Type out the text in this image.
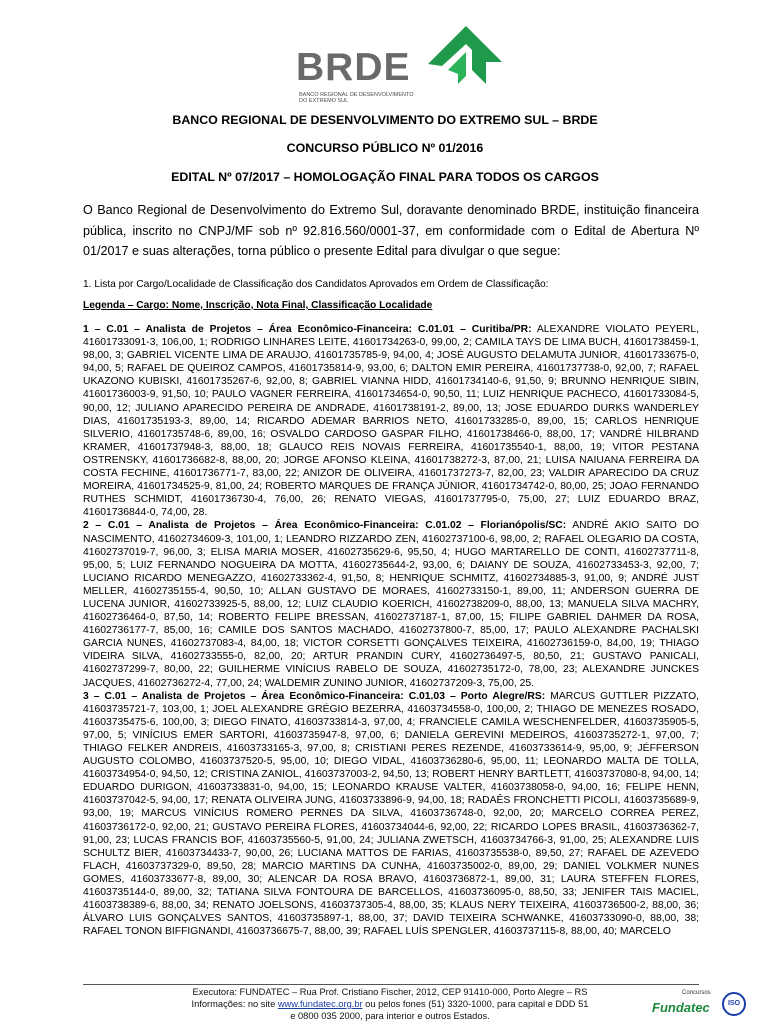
BRDE
BANCO REGIONAL DE DESENVOLVIMENTO
DO EXTREMO SUL
BANCO REGIONAL DE DESENVOLVIMENTO DO EXTREMO SUL – BRDE
CONCURSO PÚBLICO Nº 01/2016
EDITAL Nº 07/2017 – HOMOLOGAÇÃO FINAL PARA TODOS OS CARGOS
O Banco Regional de Desenvolvimento do Extremo Sul, doravante denominado BRDE, instituição financeira pública, inscrito no CNPJ/MF sob nº 92.816.560/0001-37, em conformidade com o Edital de Abertura Nº 01/2017 e suas alterações, torna público o presente Edital para divulgar o que segue:
1. Lista por Cargo/Localidade de Classificação dos Candidatos Aprovados em Ordem de Classificação:
Legenda – Cargo: Nome, Inscrição, Nota Final, Classificação Localidade

1 – C.01 – Analista de Projetos – Área Econômico-Financeira: C.01.01 – Curitiba/PR: ALEXANDRE VIOLATO PEYERL, 41601733091-3, 106,00, 1; RODRIGO LINHARES LEITE, 41601734263-0, 99,00, 2; CAMILA TAYS DE LIMA BUCH, 41601738459-1, 98,00, 3; GABRIEL VICENTE LIMA DE ARAUJO, 41601735785-9, 94,00, 4; JOSÉ AUGUSTO DELAMUTA JUNIOR, 41601733675-0, 94,00, 5; RAFAEL DE QUEIROZ CAMPOS, 41601735814-9, 93,00, 6; DALTON EMIR PEREIRA, 41601737738-0, 92,00, 7; RAFAEL UKAZONO KUBISKI, 41601735267-6, 92,00, 8; GABRIEL VIANNA HIDD, 41601734140-6, 91,50, 9; BRUNNO HENRIQUE SIBIN, 41601736003-9, 91,50, 10; PAULO VAGNER FERREIRA, 41601734654-0, 90,50, 11; LUIZ HENRIQUE PACHECO, 41601733084-5, 90,00, 12; JULIANO APARECIDO PEREIRA DE ANDRADE, 41601738191-2, 89,00, 13; JOSE EDUARDO DURKS WANDERLEY DIAS, 41601735193-3, 89,00, 14; RICARDO ADEMAR BARRIOS NETO, 41601733285-0, 89,00, 15; CARLOS HENRIQUE SILVERIO, 41601735748-6, 89,00, 16; OSVALDO CARDOSO GASPAR FILHO, 41601738466-0, 88,00, 17; VANDRÉ HILBRAND KRAMER, 41601737948-3, 88,00, 18; GLAUCO REIS NOVAIS FERREIRA, 41601735540-1, 88,00, 19; VITOR PESTANA OSTRENSKY, 41601736682-8, 88,00, 20; JORGE AFONSO KLEINA, 41601738272-3, 87,00, 21; LUISA NAIUANA FERREIRA DA COSTA FECHINE, 41601736771-7, 83,00, 22; ANIZOR DE OLIVEIRA, 41601737273-7, 82,00, 23; VALDIR APARECIDO DA CRUZ MOREIRA, 41601734525-9, 81,00, 24; ROBERTO MARQUES DE FRANÇA JÚNIOR, 41601734742-0, 80,00, 25; JOAO FERNANDO RUTHES SCHMIDT, 41601736730-4, 76,00, 26; RENATO VIEGAS, 41601737795-0, 75,00, 27; LUIZ EDUARDO BRAZ, 41601736844-0, 74,00, 28.

2 – C.01 – Analista de Projetos – Área Econômico-Financeira: C.01.02 – Florianópolis/SC: ANDRÉ AKIO SAITO DO NASCIMENTO, 41602734609-3, 101,00, 1; LEANDRO RIZZARDO ZEN, 41602737100-6, 98,00, 2; RAFAEL OLEGARIO DA COSTA, 41602737019-7, 96,00, 3; ELISA MARIA MOSER, 41602735629-6, 95,50, 4; HUGO MARTARELLO DE CONTI, 41602737711-8, 95,00, 5; LUIZ FERNANDO NOGUEIRA DA MOTTA, 41602735644-2, 93,00, 6; DAIANY DE SOUZA, 41602733453-3, 92,00, 7; LUCIANO RICARDO MENEGAZZO, 41602733362-4, 91,50, 8; HENRIQUE SCHMITZ, 41602734885-3, 91,00, 9; ANDRÉ JUST MELLER, 41602735155-4, 90,50, 10; ALLAN GUSTAVO DE MORAES, 41602733150-1, 89,00, 11; ANDERSON GUERRA DE LUCENA JUNIOR, 41602733925-5, 88,00, 12; LUIZ CLAUDIO KOERICH, 41602738209-0, 88,00, 13; MANUELA SILVA MACHRY, 41602736464-0, 87,50, 14; ROBERTO FELIPE BRESSAN, 41602737187-1, 87,00, 15; FILIPE GABRIEL DAHMER DA ROSA, 41602736177-7, 85,00, 16; CAMILE DOS SANTOS MACHADO, 41602737800-7, 85,00, 17; PAULO ALEXANDRE PACHALSKI GARCIA NUNES, 41602737083-4, 84,00, 18; VICTOR CORSETTI GONÇALVES TEIXEIRA, 41602736159-0, 84,00, 19; THIAGO VIDEIRA SILVA, 41602733555-0, 82,00, 20; ARTUR PRANDIN CURY, 41602736497-5, 80,50, 21; GUSTAVO PANICALI, 41602737299-7, 80,00, 22; GUILHERME VINÍCIUS RABELO DE SOUZA, 41602735172-0, 78,00, 23; ALEXANDRE JUNCKES JACQUES, 41602736272-4, 77,00, 24; WALDEMIR ZUNINO JUNIOR, 41602737209-3, 75,00, 25.

3 – C.01 – Analista de Projetos – Área Econômico-Financeira: C.01.03 – Porto Alegre/RS: MARCUS GUTTLER PIZZATO, 41603735721-7, 103,00, 1; JOEL ALEXANDRE GRÉGIO BEZERRA, 41603734558-0, 100,00, 2; THIAGO DE MENEZES ROSADO, 41603735475-6, 100,00, 3; DIEGO FINATO, 41603733814-3, 97,00, 4; FRANCIELE CAMILA WESCHENFELDER, 41603735905-5, 97,00, 5; VINÍCIUS EMER SARTORI, 41603735947-8, 97,00, 6; DANIELA GEREVINI MEDEIROS, 41603735272-1, 97,00, 7; THIAGO FELKER ANDREIS, 41603733165-3, 97,00, 8; CRISTIANI PERES REZENDE, 41603733614-9, 95,00, 9; JÉFFERSON AUGUSTO COLOMBO, 41603737520-5, 95,00, 10; DIEGO VIDAL, 41603736280-6, 95,00, 11; LEONARDO MALTA DE TOLLA, 41603734954-0, 94,50, 12; CRISTINA ZANIOL, 41603737003-2, 94,50, 13; ROBERT HENRY BARTLETT, 41603737080-8, 94,00, 14; EDUARDO DURIGON, 41603733831-0, 94,00, 15; LEONARDO KRAUSE VALTER, 41603738058-0, 94,00, 16; FELIPE HENN, 41603737042-5, 94,00, 17; RENATA OLIVEIRA JUNG, 41603733896-9, 94,00, 18; RADAÊS FRONCHETTI PICOLI, 41603735689-9, 93,00, 19; MARCUS VINÍCIUS ROMERO PERNES DA SILVA, 41603736748-0, 92,00, 20; MARCELO CORREA PEREZ, 41603736172-0, 92,00, 21; GUSTAVO PEREIRA FLORES, 41603734044-6, 92,00, 22; RICARDO LOPES BRASIL, 41603736362-7, 91,00, 23; LUCAS FRANCIS BOF, 41603735560-5, 91,00, 24; JULIANA ZWETSCH, 41603734766-3, 91,00, 25; ALEXANDRE LUIS SCHULTZ BIER, 41603734433-7, 90,00, 26; LUCIANA MATTOS DE FARIAS, 41603735538-0, 89,50, 27; RAFAEL DE AZEVEDO FLACH, 41603737329-0, 89,50, 28; MARCIO MARTINS DA CUNHA, 41603735002-0, 89,00, 29; DANIEL VOLKMER NUNES GOMES, 41603733677-8, 89,00, 30; ALENCAR DA ROSA BRAVO, 41603736872-1, 89,00, 31; LAURA STEFFEN FLORES, 41603735144-0, 89,00, 32; TATIANA SILVA FONTOURA DE BARCELLOS, 41603736095-0, 88,50, 33; JENIFER TAIS MACIEL, 41603738389-6, 88,00, 34; RENATO JOELSONS, 41603737305-4, 88,00, 35; KLAUS NERY TEIXEIRA, 41603736500-2, 88,00, 36; ÁLVARO LUIS GONÇALVES SANTOS, 41603735897-1, 88,00, 37; DAVID TEIXEIRA SCHWANKE, 41603733090-0, 88,00, 38; RAFAEL TONON BIFFIGNANDI, 41603736675-7, 88,00, 39; RAFAEL LUÍS SPENGLER, 41603737115-8, 88,00, 40; MARCELO

Executora: FUNDATEC – Rua Prof. Cristiano Fischer, 2012, CEP 91410-000, Porto Alegre – RS
Informações: no site www.fundatec.org.br ou pelos fones (51) 3320-1000, para capital e DDD 51
e 0800 035 2000, para interior e outros Estados.
Concursos
Fundatec	ISO
